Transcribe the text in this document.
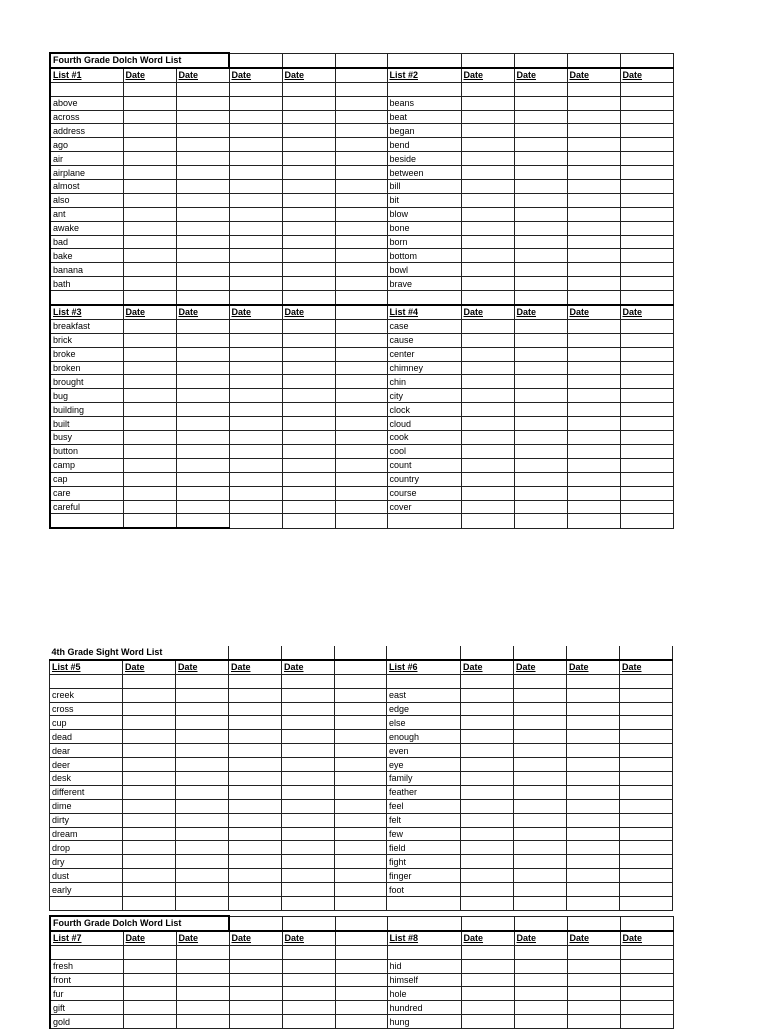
Fourth Grade Dolch Word List										
List #1	Date	Date	Date	Date		List #2	Date	Date	Date	Date

above						beans				
across						beat				
address						began				
ago						bend				
air						beside				
airplane						between				
almost						bill				
also						bit				
ant						blow				
awake						bone				
bad						born				
bake						bottom				
banana						bowl				
bath						brave				

List #3	Date	Date	Date	Date		List #4	Date	Date	Date	Date
breakfast						case				
brick						cause				
broke						center				
broken						chimney				
brought						chin				
bug						city				
building						clock				
built						cloud				
busy						cook				
button						cool				
camp						count				
cap						country				
care						course				
careful						cover				

4th Grade Sight Word List										
List #5	Date	Date	Date	Date		List #6	Date	Date	Date	Date

creek						east				
cross						edge				
cup						else				
dead						enough				
dear						even				
deer						eye				
desk						family				
different						feather				
dime						feel				
dirty						felt				
dream						few				
drop						field				
dry						fight				
dust						finger				
early						foot				

Fourth Grade Dolch Word List										
List #7	Date	Date	Date	Date		List #8	Date	Date	Date	Date

fresh						hid				
front						himself				
fur						hole				
gift						hundred				
gold						hung				
